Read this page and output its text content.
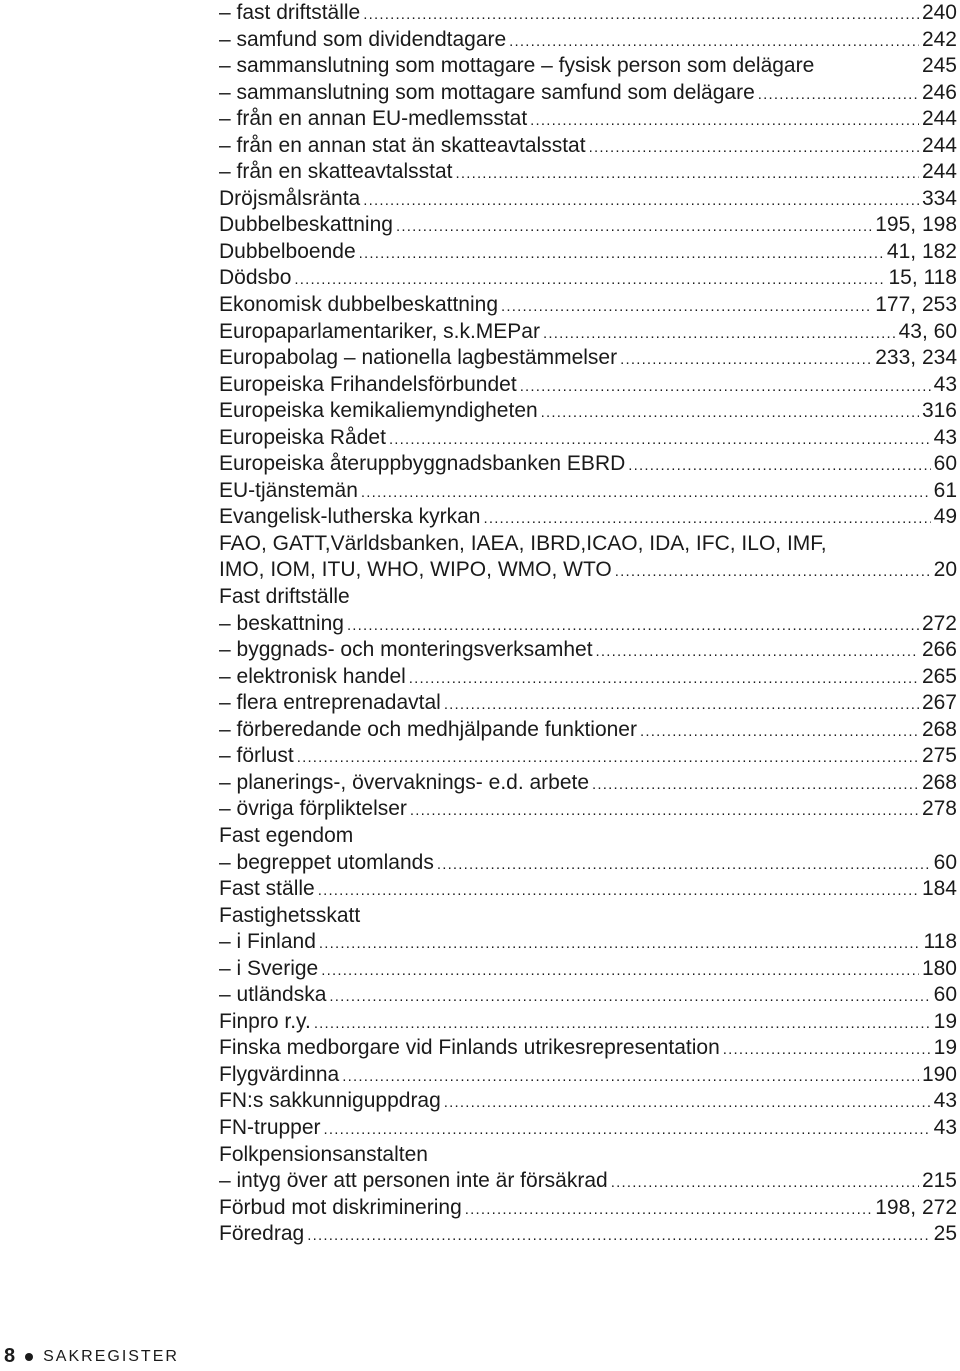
– fast driftställe .....	240
– samfund som dividendtagare .....	242
– sammanslutning som mottagare – fysisk person som delägare	245
– sammanslutning som mottagare samfund som delägare .....	246
– från en annan EU-medlemsstat .....	244
– från en annan stat än skatteavtalsstat .....	244
– från en skatteavtalsstat .....	244
Dröjsmålsränta .....	334
Dubbelbeskattning .....	195, 198
Dubbelboende .....	41, 182
Dödsbo .....	15, 118
Ekonomisk dubbelbeskattning .....	177, 253
Europaparlamentariker, s.k.MEPar .....	43, 60
Europabolag – nationella lagbestämmelser .....	233, 234
Europeiska Frihandelsförbundet .....	43
Europeiska kemikaliemyndigheten .....	316
Europeiska Rådet .....	43
Europeiska återuppbyggnadsbanken EBRD .....	60
EU-tjänstemän .....	61
Evangelisk-lutherska kyrkan .....	49
FAO, GATT,Världsbanken, IAEA, IBRD,ICAO, IDA, IFC, ILO, IMF,
IMO, IOM, ITU, WHO, WIPO, WMO, WTO .....	20
Fast driftställe
– beskattning .....	272
– byggnads- och monteringsverksamhet .....	266
– elektronisk handel .....	265
– flera entreprenadavtal .....	267
– förberedande och medhjälpande funktioner .....	268
– förlust .....	275
– planerings-, övervaknings- e.d. arbete .....	268
– övriga förpliktelser .....	278
Fast egendom
– begreppet utomlands .....	60
Fast ställe .....	184
Fastighetsskatt
– i Finland .....	118
– i Sverige .....	180
– utländska .....	60
Finpro r.y. .....	19
Finska medborgare vid Finlands utrikesrepresentation .....	19
Flygvärdinna .....	190
FN:s sakkunniguppdrag .....	43
FN-trupper .....	43
Folkpensionsanstalten
– intyg över att personen inte är försäkrad .....	215
Förbud mot diskriminering .....	198, 272
Föredrag .....	25
8 SAKREGISTER
